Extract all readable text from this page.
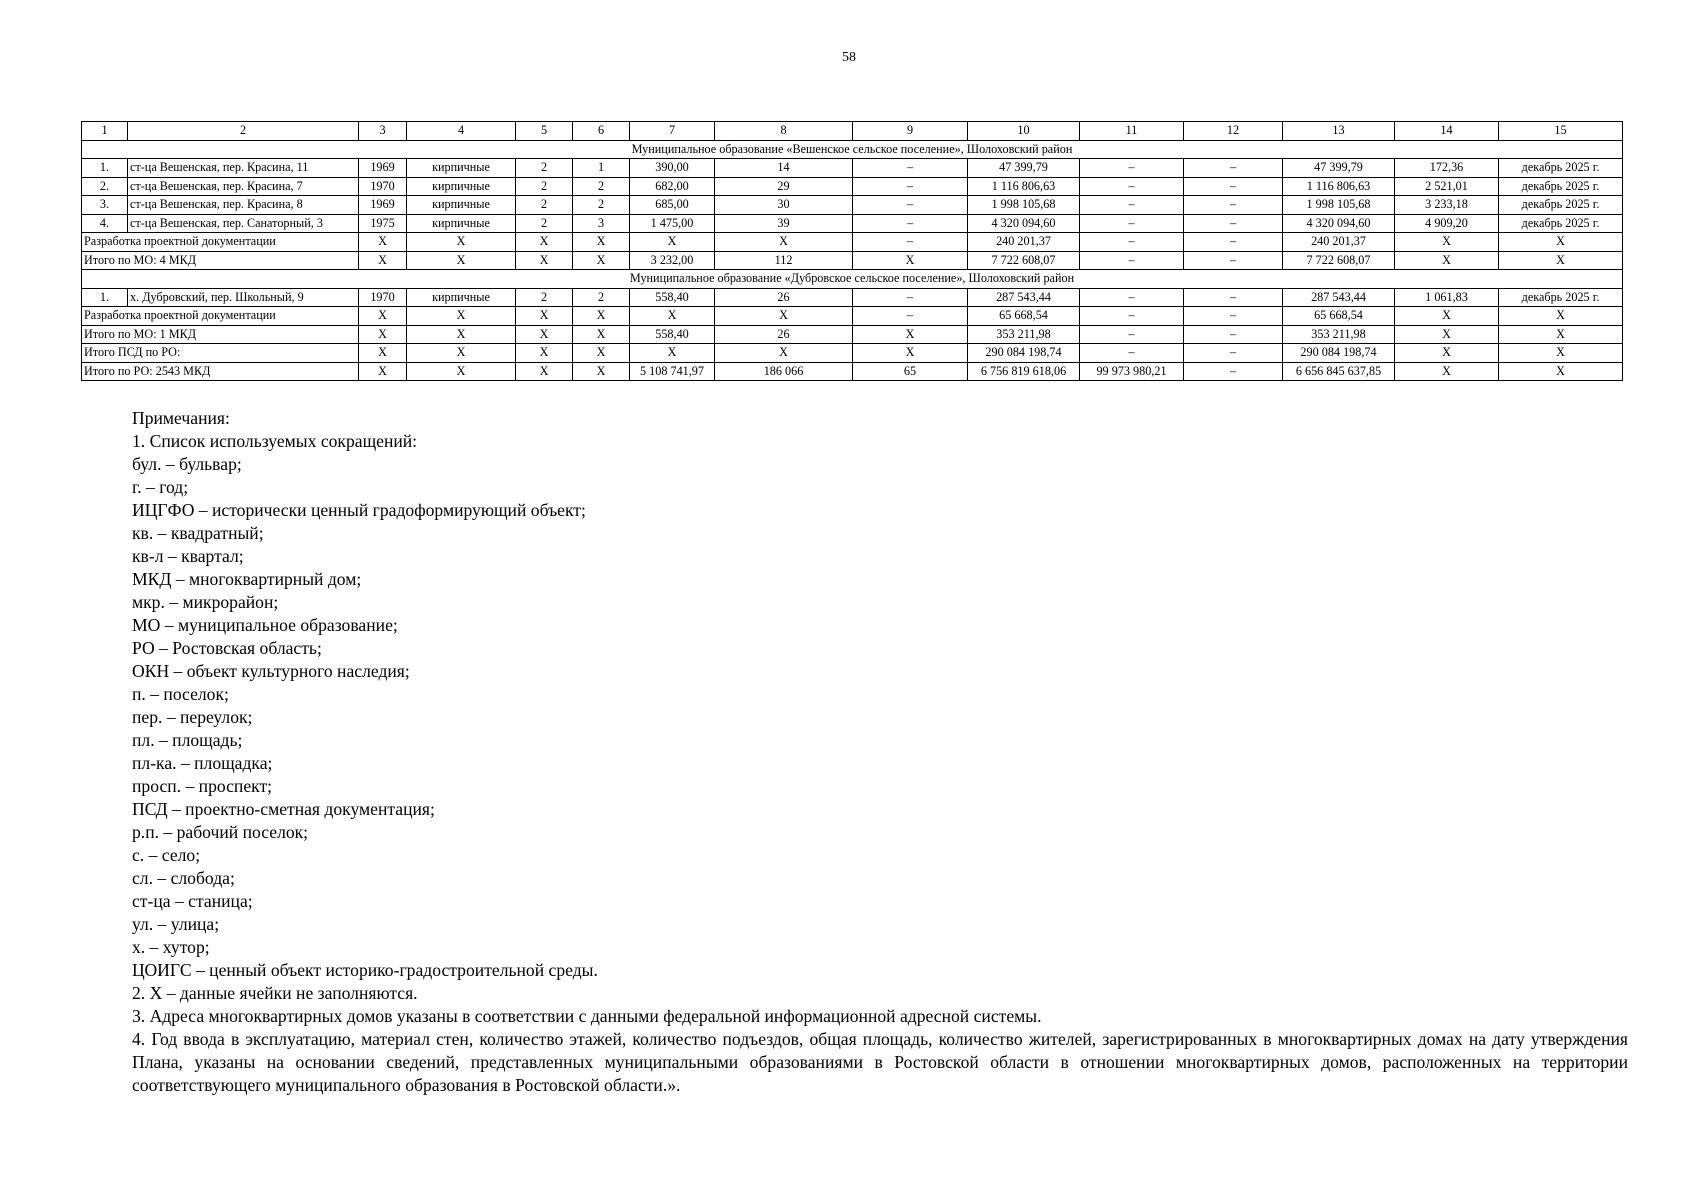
58
1	2	3	4	5	6	7	8	9	10	11	12	13	14	15
Муниципальное образование «Вешенское сельское поселение», Шолоховский район														
1.	ст-ца Вешенская, пер. Красина, 11	1969	кирпичные	2	1	390,00	14	–	47 399,79	–	–	47 399,79	172,36	декабрь 2025 г.
2.	ст-ца Вешенская, пер. Красина, 7	1970	кирпичные	2	2	682,00	29	–	1 116 806,63	–	–	1 116 806,63	2 521,01	декабрь 2025 г.
3.	ст-ца Вешенская, пер. Красина, 8	1969	кирпичные	2	2	685,00	30	–	1 998 105,68	–	–	1 998 105,68	3 233,18	декабрь 2025 г.
4.	ст-ца Вешенская, пер. Санаторный, 3	1975	кирпичные	2	3	1 475,00	39	–	4 320 094,60	–	–	4 320 094,60	4 909,20	декабрь 2025 г.
Разработка проектной документации		X	X	X	X	X	X	–	240 201,37	–	–	240 201,37	X	X
Итого по МО: 4 МКД		X	X	X	X	3 232,00	112	X	7 722 608,07	–	–	7 722 608,07	X	X
Муниципальное образование «Дубровское сельское поселение», Шолоховский район														
1.	х. Дубровский, пер. Школьный, 9	1970	кирпичные	2	2	558,40	26	–	287 543,44	–	–	287 543,44	1 061,83	декабрь 2025 г.
Разработка проектной документации		X	X	X	X	X	X	–	65 668,54	–	–	65 668,54	X	X
Итого по МО: 1 МКД		X	X	X	X	558,40	26	X	353 211,98	–	–	353 211,98	X	X
Итого ПСД по РО:		X	X	X	X	X	X	X	290 084 198,74	–	–	290 084 198,74	X	X
Итого по РО: 2543 МКД		X	X	X	X	5 108 741,97	186 066	65	6 756 819 618,06	99 973 980,21	–	6 656 845 637,85	X	X
Примечания:
1. Список используемых сокращений:
бул. – бульвар;
г. – год;
ИЦГФО – исторически ценный градоформирующий объект;
кв. – квадратный;
кв-л – квартал;
МКД – многоквартирный дом;
мкр. – микрорайон;
МО – муниципальное образование;
РО – Ростовская область;
ОКН – объект культурного наследия;
п. – поселок;
пер. – переулок;
пл. – площадь;
пл-ка. – площадка;
просп. – проспект;
ПСД – проектно-сметная документация;
р.п. – рабочий поселок;
с. – село;
сл. – слобода;
ст-ца – станица;
ул. – улица;
х. – хутор;
ЦОИГС – ценный объект историко-градостроительной среды.
2. X – данные ячейки не заполняются.
3. Адреса многоквартирных домов указаны в соответствии с данными федеральной информационной адресной системы.
4. Год ввода в эксплуатацию, материал стен, количество этажей, количество подъездов, общая площадь, количество жителей, зарегистрированных в многоквартирных домах на дату утверждения Плана, указаны на основании сведений, представленных муниципальными образованиями в Ростовской области в отношении многоквартирных домов, расположенных на территории соответствующего муниципального образования в Ростовской области.».
